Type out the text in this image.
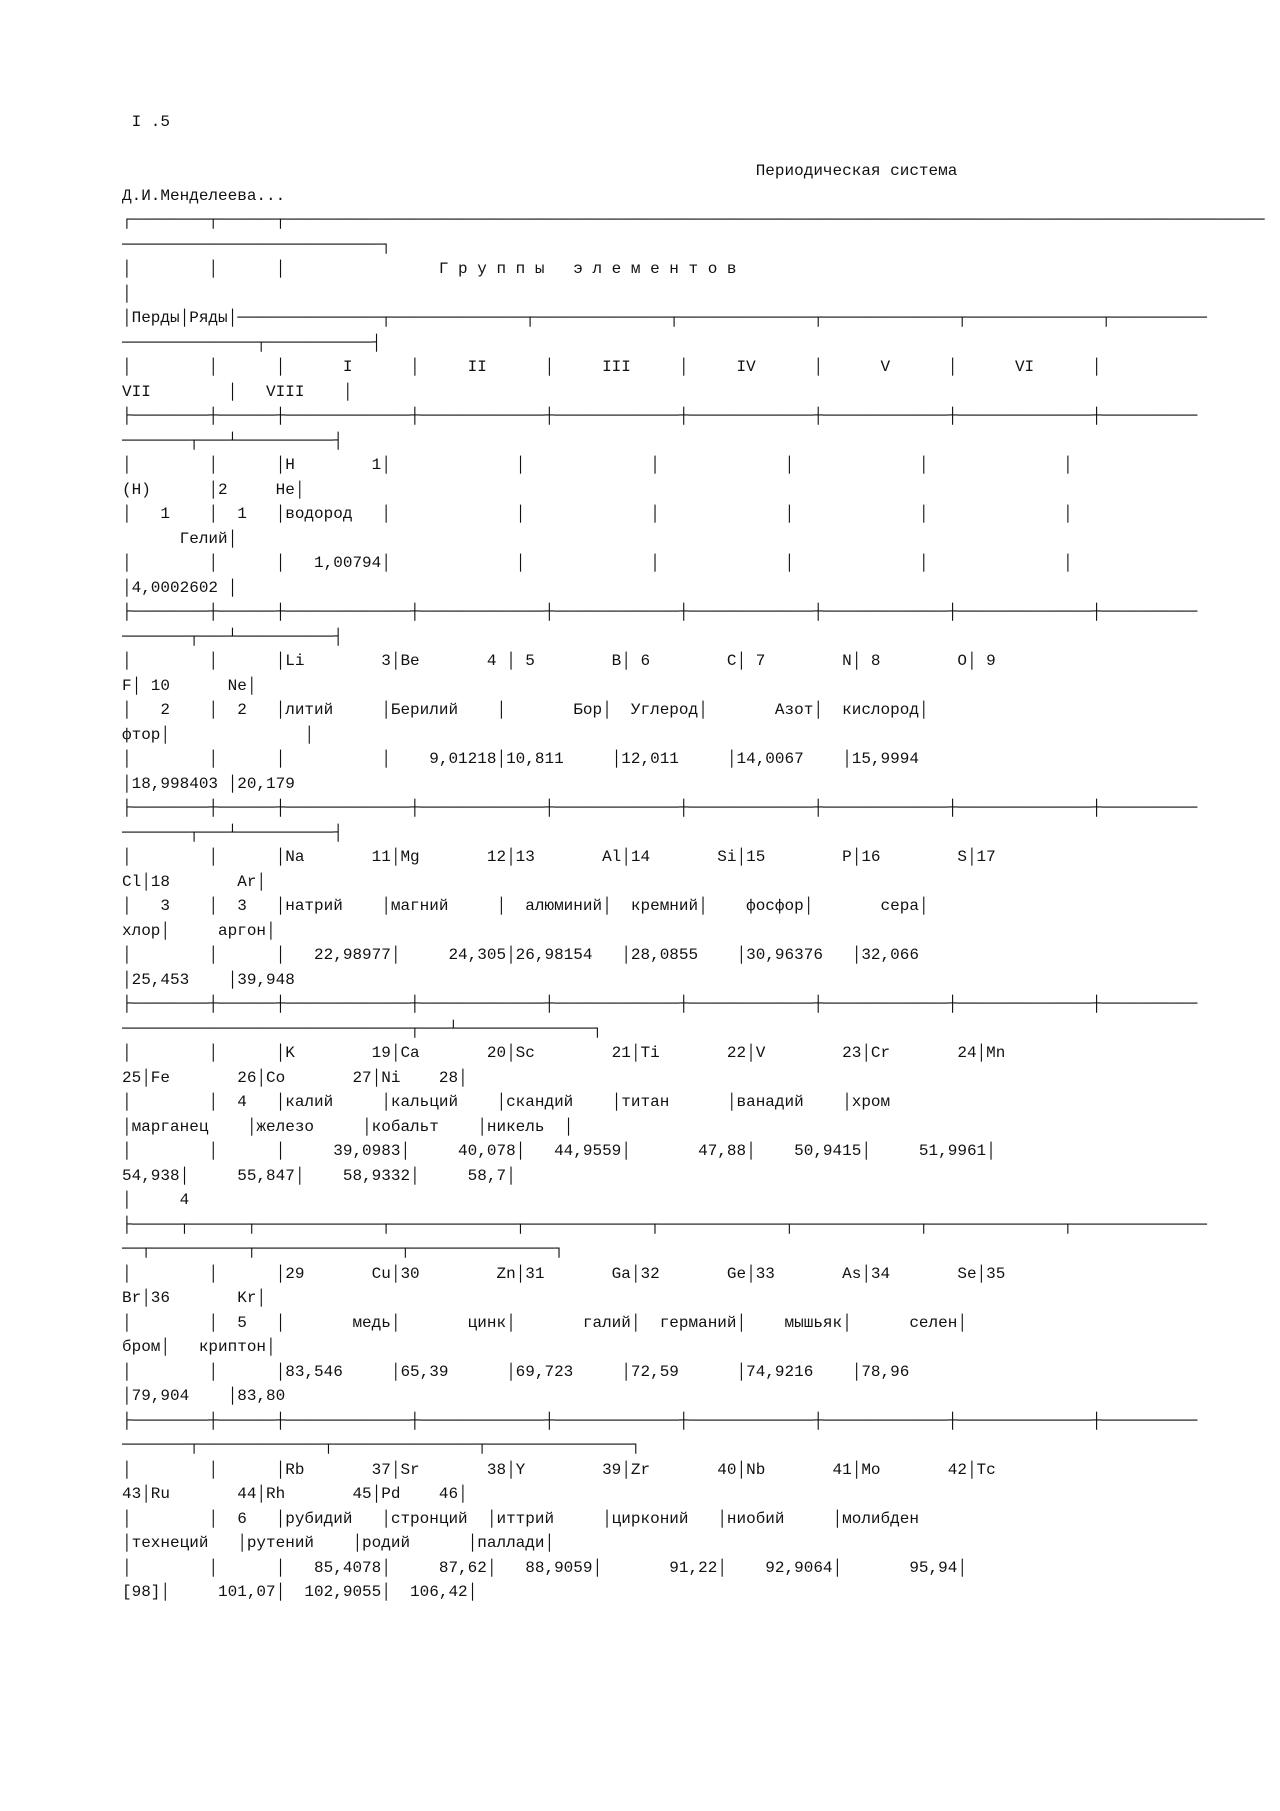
I .5
Периодическая система
Д.И.Менделеева...
┌────────┬──────┬──────────────────────────────────────────────────────────────────────────────────────────────────────
───────────────────────────┐
│        │      │                Г р у п п ы   э л е м е н т о в
│
│Перды│Ряды│───────────────┬──────────────┬──────────────┬──────────────┬──────────────┬──────────────┬──────────
──────────────┬───────────┤
│        │      │      I      │     II      │     III     │     IV      │      V      │      VI      │
VII        │   VIII    │
├────────┼──────┼─────────────┼─────────────┼─────────────┼─────────────┼─────────────┼──────────────┼──────────
───────┬───┴──────────┤
│        │      │H        1│             │             │             │             │              │
(H)      │2     He│
│   1    │  1   │водород   │             │             │             │             │              │
Гелий│
│        │      │   1,00794│             │             │             │             │              │
│4,0002602 │
├────────┼──────┼─────────────┼─────────────┼─────────────┼─────────────┼─────────────┼──────────────┼──────────
───────┬───┴──────────┤
│        │      │Li        3│Be       4 │ 5        B│ 6        C│ 7        N│ 8        O│ 9
F│ 10      Ne│
│   2    │  2   │литий     │Берилий    │       Бор│  Углерод│       Азот│  кислород│
фтор│              │
│        │      │          │    9,01218│10,811     │12,011     │14,0067    │15,9994
│18,998403 │20,179
├────────┼──────┼─────────────┼─────────────┼─────────────┼─────────────┼─────────────┼──────────────┼──────────
───────┬───┴──────────┤
│        │      │Na       11│Mg       12│13       Al│14       Si│15        P│16        S│17
Cl│18       Ar│
│   3    │  3   │натрий    │магний     │  алюминий│  кремний│    фосфор│       сера│
хлор│     аргон│
│        │      │   22,98977│     24,305│26,98154   │28,0855    │30,96376   │32,066
│25,453    │39,948
├────────┼──────┼─────────────┼─────────────┼─────────────┼─────────────┼─────────────┼──────────────┼──────────
──────────────────────────────┬───┴──────────────┐
│        │      │K        19│Ca       20│Sc        21│Ti       22│V        23│Cr       24│Mn
25│Fe       26│Co       27│Ni    28│
│        │  4   │калий     │кальций    │скандий    │титан      │ванадий    │хром
│марганец    │железо     │кобальт    │никель  │
│        │      │     39,0983│     40,078│   44,9559│       47,88│    50,9415│     51,9961│
54,938│     55,847│    58,9332│     58,7│
│     4
├─────┬──────┬─────────────┬─────────────┬─────────────┬─────────────┬─────────────┬──────────────┬──────────────
──┬──────────┬───────────────┬───────────────┐
│        │      │29       Cu│30        Zn│31       Ga│32       Ge│33       As│34       Se│35
Br│36       Kr│
│        │  5   │       медь│       цинк│       галий│  германий│    мышьяк│      селен│
бром│   криптон│
│        │      │83,546     │65,39      │69,723     │72,59      │74,9216    │78,96
│79,904    │83,80
├────────┼──────┼─────────────┼─────────────┼─────────────┼─────────────┼─────────────┼──────────────┼──────────
───────┬─────────────┬───────────────┬───────────────┐
│        │      │Rb       37│Sr       38│Y        39│Zr       40│Nb       41│Mo       42│Tc
43│Ru       44│Rh       45│Pd    46│
│        │  6   │рубидий   │стронций  │иттрий     │цирконий   │ниобий     │молибден
│технеций   │рутений    │родий      │паллади│
│        │      │   85,4078│     87,62│   88,9059│       91,22│    92,9064│       95,94│
[98]│     101,07│  102,9055│  106,42│
